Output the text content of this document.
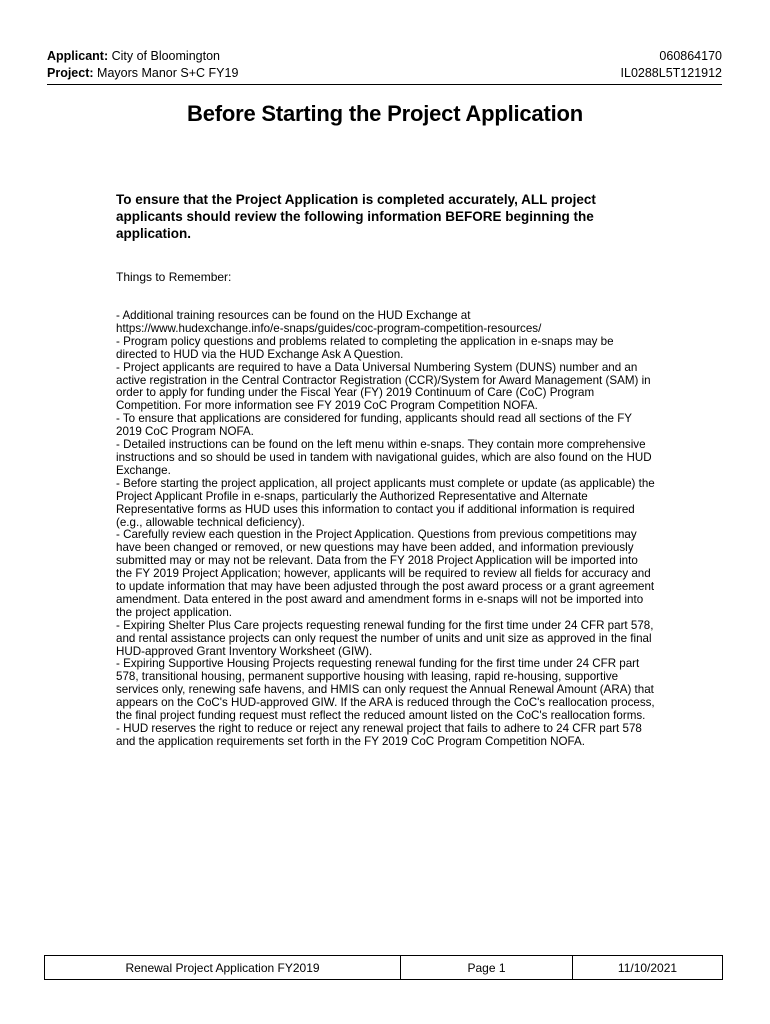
Applicant: City of Bloomington	060864170
Project: Mayors Manor S+C FY19	IL0288L5T121912
Before Starting the Project Application
To ensure that the Project Application is completed accurately, ALL project applicants should review the following information BEFORE beginning the application.
Things to Remember:

- Additional training resources can be found on the HUD Exchange at

https://www.hudexchange.info/e-snaps/guides/coc-program-competition-resources/

- Program policy questions and problems related to completing the application in e-snaps may be directed to HUD via the HUD Exchange Ask A Question.

- Project applicants are required to have a Data Universal Numbering System (DUNS) number and an active registration in the Central Contractor Registration (CCR)/System for Award Management (SAM) in order to apply for funding under the Fiscal Year (FY) 2019 Continuum of Care (CoC) Program Competition. For more information see FY 2019 CoC Program Competition NOFA.

- To ensure that applications are considered for funding, applicants should read all sections of the FY 2019 CoC Program NOFA.

- Detailed instructions can be found on the left menu within e-snaps. They contain more comprehensive instructions and so should be used in tandem with navigational guides, which are also found on the HUD Exchange.

- Before starting the project application, all project applicants must complete or update (as applicable) the Project Applicant Profile in e-snaps, particularly the Authorized Representative and Alternate Representative forms as HUD uses this information to contact you if additional information is required (e.g., allowable technical deficiency).

- Carefully review each question in the Project Application. Questions from previous competitions may have been changed or removed, or new questions may have been added, and information previously submitted may or may not be relevant. Data from the FY 2018 Project Application will be imported into the FY 2019 Project Application; however, applicants will be required to review all fields for accuracy and to update information that may have been adjusted through the post award process or a grant agreement amendment. Data entered in the post award and amendment forms in e-snaps will not be imported into the project application.

- Expiring Shelter Plus Care projects requesting renewal funding for the first time under 24 CFR part 578, and rental assistance projects can only request the number of units and unit size as approved in the final HUD-approved Grant Inventory Worksheet (GIW).

- Expiring Supportive Housing Projects requesting renewal funding for the first time under 24 CFR part 578, transitional housing, permanent supportive housing with leasing, rapid re-housing, supportive services only, renewing safe havens, and HMIS can only request the Annual Renewal Amount (ARA) that appears on the CoC's HUD-approved GIW. If the ARA is reduced through the CoC's reallocation process, the final project funding request must reflect the reduced amount listed on the CoC's reallocation forms.

- HUD reserves the right to reduce or reject any renewal project that fails to adhere to 24 CFR part 578 and the application requirements set forth in the FY 2019 CoC Program Competition NOFA.

Renewal Project Application FY2019	Page 1	11/10/2021
